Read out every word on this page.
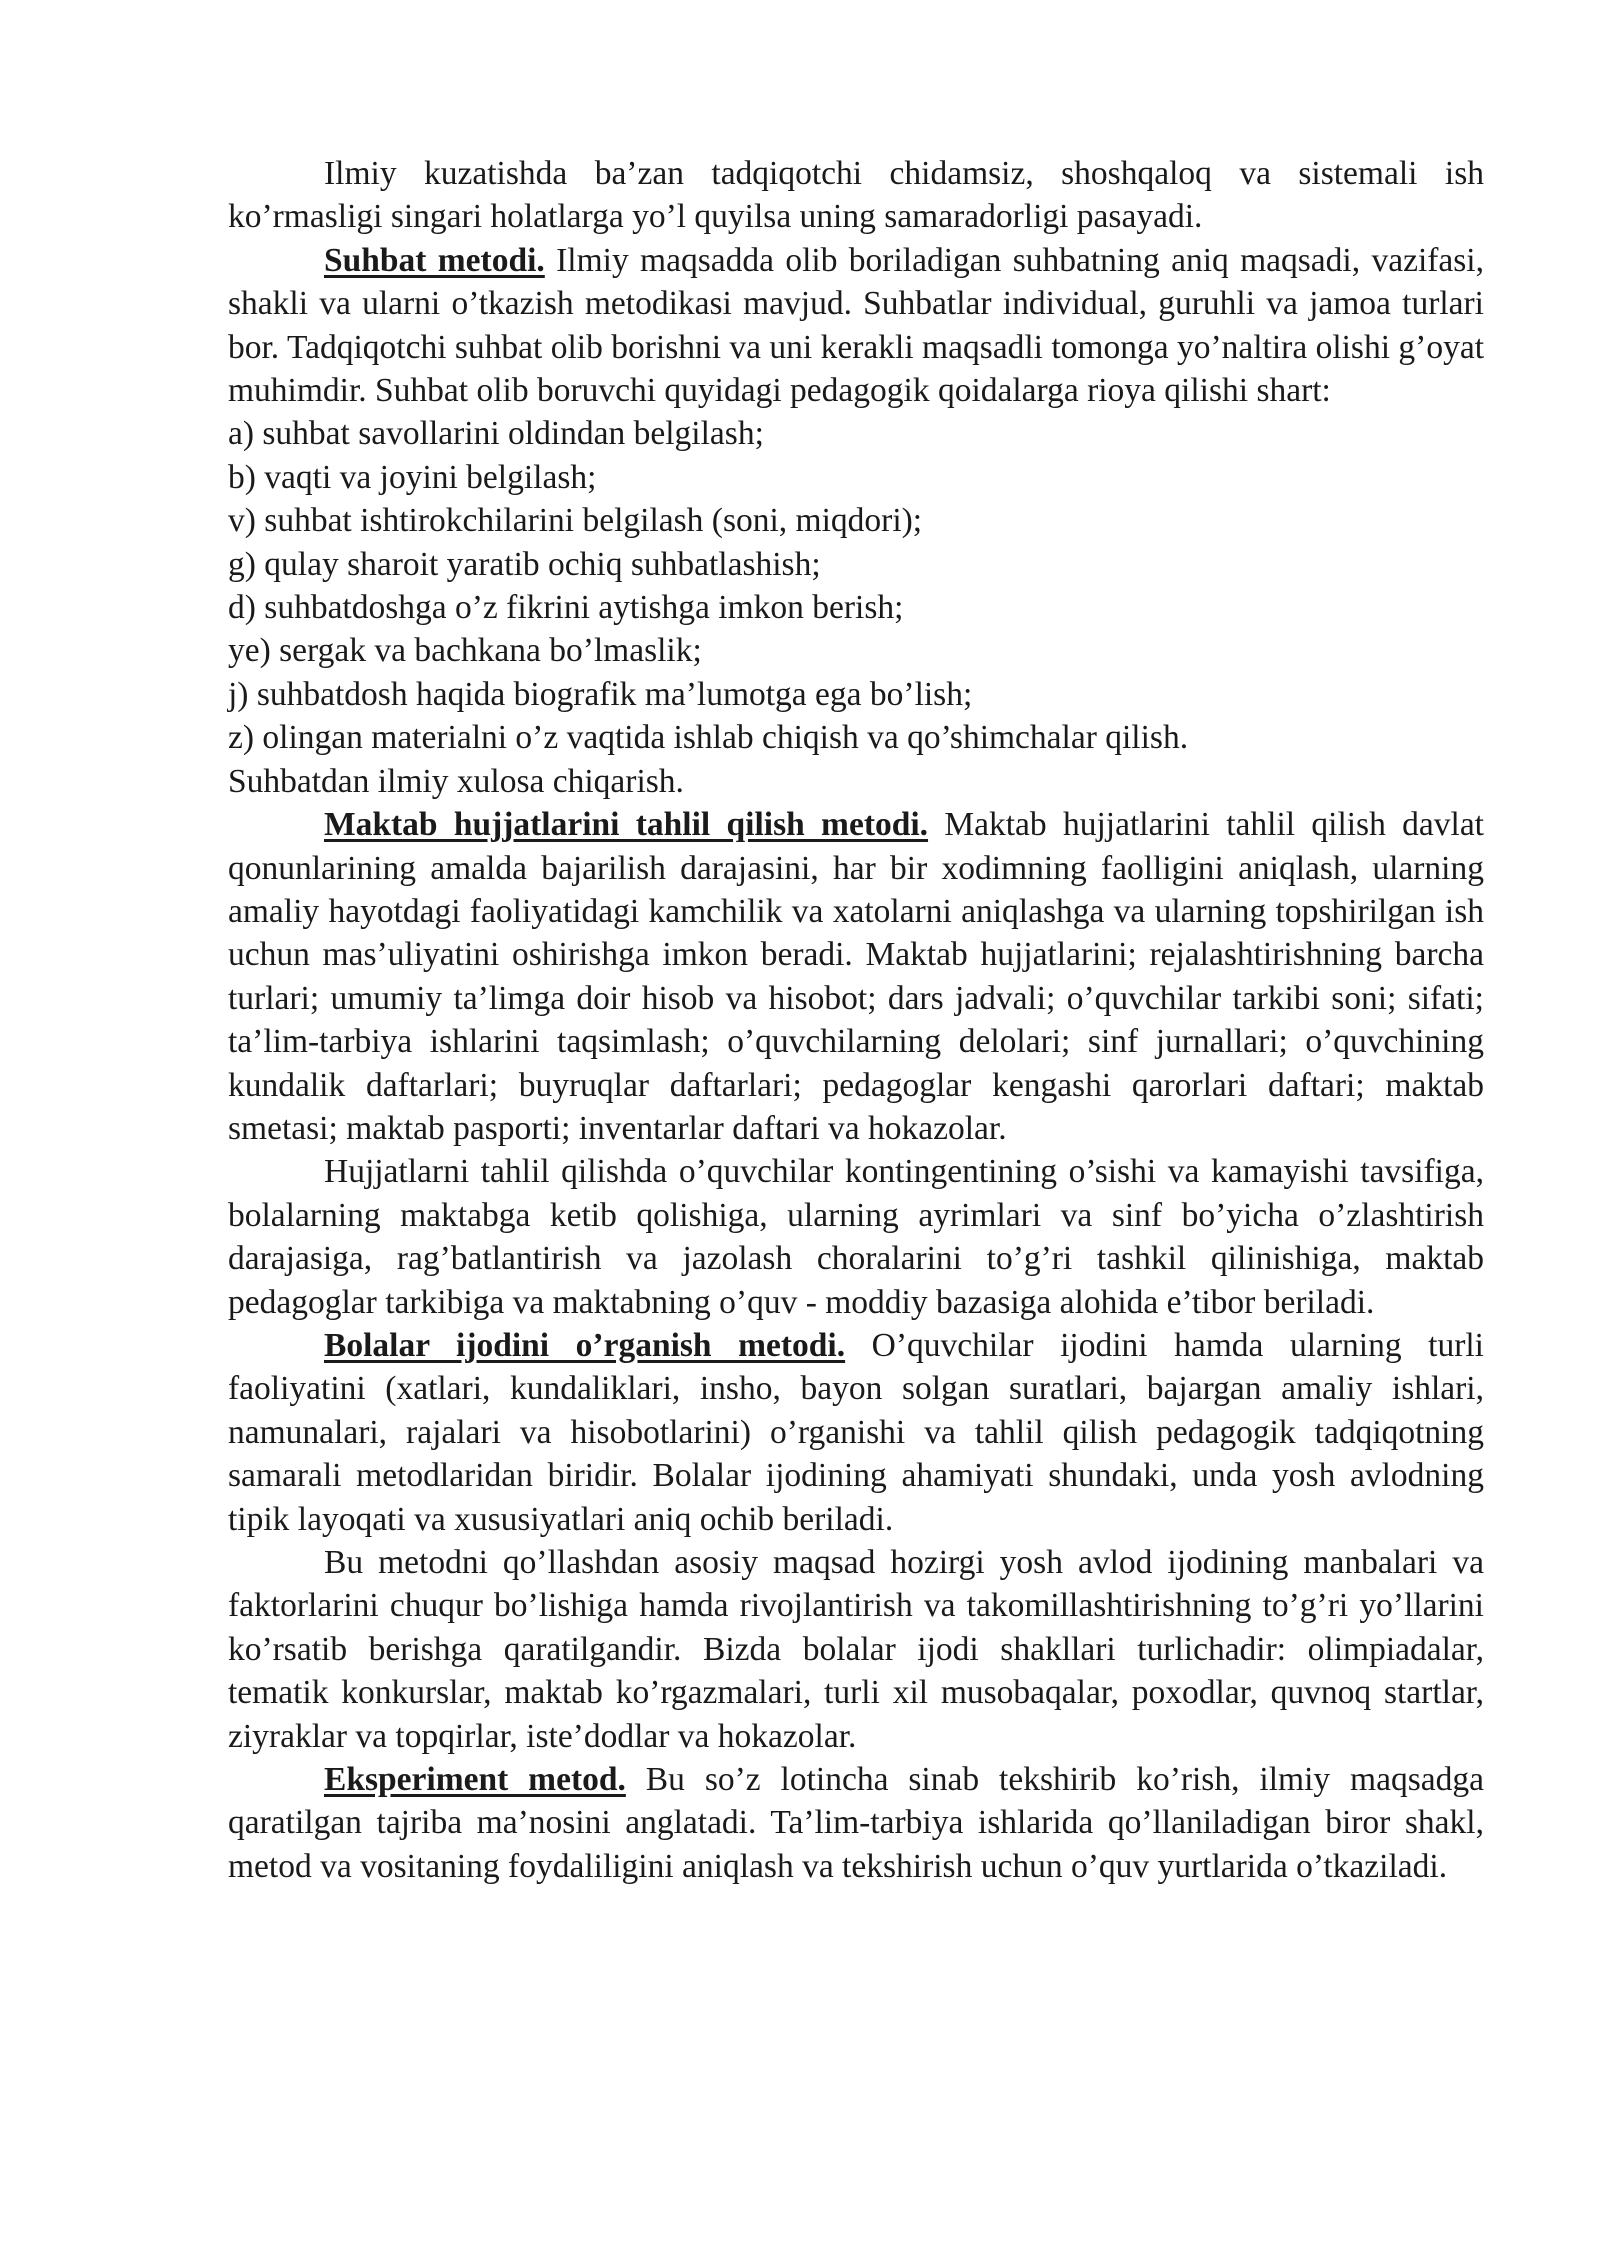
Ilmiy kuzatishda ba’zan tadqiqotchi chidamsiz, shoshqaloq va sistemali ish ko’rmasligi singari holatlarga yo’l quyilsa uning samaradorligi pasayadi.

Suhbat metodi. Ilmiy maqsadda olib boriladigan suhbatning aniq maqsadi, vazifasi, shakli va ularni o’tkazish metodikasi mavjud. Suhbatlar individual, guruhli va jamoa turlari bor. Tadqiqotchi suhbat olib borishni va uni kerakli maqsadli tomonga yo’naltira olishi g’oyat muhimdir. Suhbat olib boruvchi quyidagi pedagogik qoidalarga rioya qilishi shart:

a) suhbat savollarini oldindan belgilash;

b) vaqti va joyini belgilash;

v) suhbat ishtirokchilarini belgilash (soni, miqdori);

g) qulay sharoit yaratib ochiq suhbatlashish;

d) suhbatdoshga o’z fikrini aytishga imkon berish;

ye) sergak va bachkana bo’lmaslik;

j) suhbatdosh haqida biografik ma’lumotga ega bo’lish;

z) olingan materialni o’z vaqtida ishlab chiqish va qo’shimchalar qilish.

Suhbatdan ilmiy xulosa chiqarish.

Maktab hujjatlarini tahlil qilish metodi. Maktab hujjatlarini tahlil qilish davlat qonunlarining amalda bajarilish darajasini, har bir xodimning faolligini aniqlash, ularning amaliy hayotdagi faoliyatidagi kamchilik va xatolarni aniqlashga va ularning topshirilgan ish uchun mas’uliyatini oshirishga imkon beradi. Maktab hujjatlarini; rejalashtirishning barcha turlari; umumiy ta’limga doir hisob va hisobot; dars jadvali; o’quvchilar tarkibi soni; sifati; ta’lim-tarbiya ishlarini taqsimlash; o’quvchilarning delolari; sinf jurnallari; o’quvchining kundalik daftarlari; buyruqlar daftarlari; pedagoglar kengashi qarorlari daftari; maktab smetasi; maktab pasporti; inventarlar daftari va hokazolar.

Hujjatlarni tahlil qilishda o’quvchilar kontingentining o’sishi va kamayishi tavsifiga, bolalarning maktabga ketib qolishiga, ularning ayrimlari va sinf bo’yicha o’zlashtirish darajasiga, rag’batlantirish va jazolash choralarini to’g’ri tashkil qilinishiga, maktab pedagoglar tarkibiga va maktabning o’quv - moddiy bazasiga alohida e’tibor beriladi.

Bolalar ijodini o’rganish metodi. O’quvchilar ijodini hamda ularning turli faoliyatini (xatlari, kundaliklari, insho, bayon solgan suratlari, bajargan amaliy ishlari, namunalari, rajalari va hisobotlarini) o’rganishi va tahlil qilish pedagogik tadqiqotning samarali metodlaridan biridir. Bolalar ijodining ahamiyati shundaki, unda yosh avlodning tipik layoqati va xususiyatlari aniq ochib beriladi.

Bu metodni qo’llashdan asosiy maqsad hozirgi yosh avlod ijodining manbalari va faktorlarini chuqur bo’lishiga hamda rivojlantirish va takomillashtirishning to’g’ri yo’llarini ko’rsatib berishga qaratilgandir. Bizda bolalar ijodi shakllari turlichadir: olimpiadalar, tematik konkurslar, maktab ko’rgazmalari, turli xil musobaqalar, poxodlar, quvnoq startlar, ziyraklar va topqirlar, iste’dodlar va hokazolar.

Eksperiment metod. Bu so’z lotincha sinab tekshirib ko’rish, ilmiy maqsadga qaratilgan tajriba ma’nosini anglatadi. Ta’lim-tarbiya ishlarida qo’llaniladigan biror shakl, metod va vositaning foydaliligini aniqlash va tekshirish uchun o’quv yurtlarida o’tkaziladi.
